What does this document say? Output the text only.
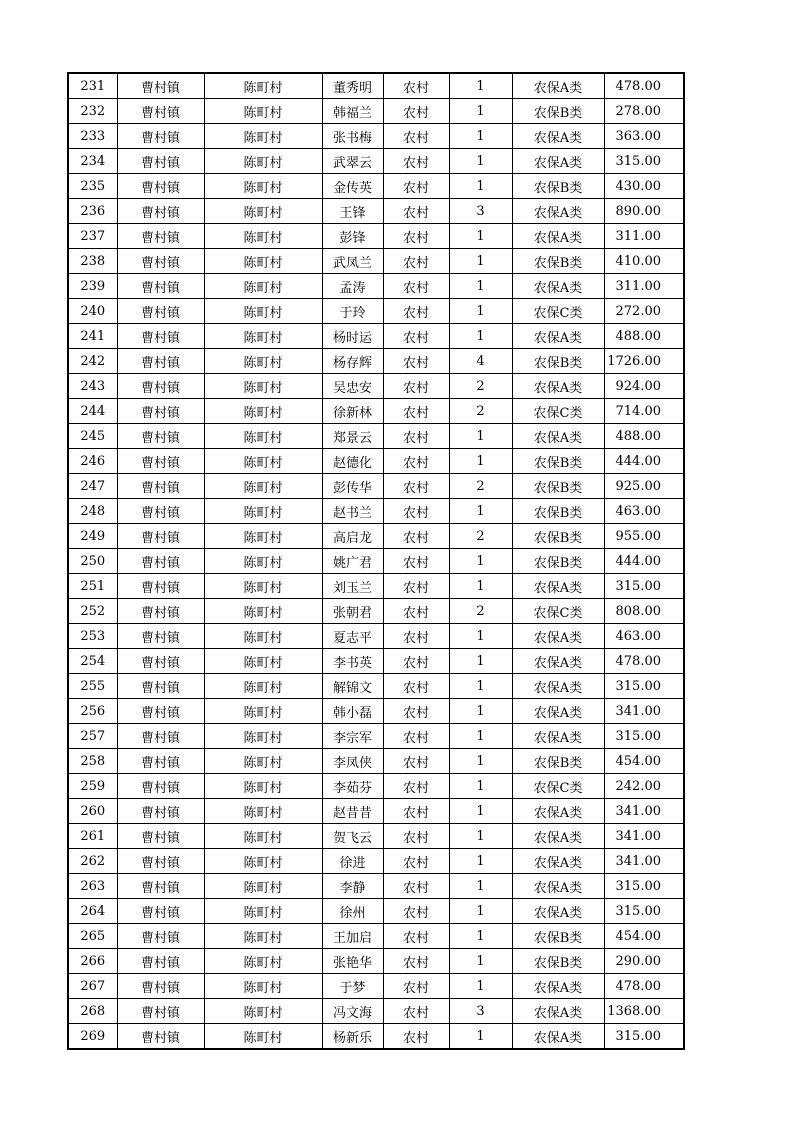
231	曹村镇	陈町村	董秀明	农村	1	农保A类	478.00
232	曹村镇	陈町村	韩福兰	农村	1	农保B类	278.00
233	曹村镇	陈町村	张书梅	农村	1	农保A类	363.00
234	曹村镇	陈町村	武翠云	农村	1	农保A类	315.00
235	曹村镇	陈町村	金传英	农村	1	农保B类	430.00
236	曹村镇	陈町村	王锋	农村	3	农保A类	890.00
237	曹村镇	陈町村	彭锋	农村	1	农保A类	311.00
238	曹村镇	陈町村	武凤兰	农村	1	农保B类	410.00
239	曹村镇	陈町村	孟涛	农村	1	农保A类	311.00
240	曹村镇	陈町村	于玲	农村	1	农保C类	272.00
241	曹村镇	陈町村	杨时运	农村	1	农保A类	488.00
242	曹村镇	陈町村	杨存辉	农村	4	农保B类	1726.00
243	曹村镇	陈町村	吴忠安	农村	2	农保A类	924.00
244	曹村镇	陈町村	徐新林	农村	2	农保C类	714.00
245	曹村镇	陈町村	郑景云	农村	1	农保A类	488.00
246	曹村镇	陈町村	赵德化	农村	1	农保B类	444.00
247	曹村镇	陈町村	彭传华	农村	2	农保B类	925.00
248	曹村镇	陈町村	赵书兰	农村	1	农保B类	463.00
249	曹村镇	陈町村	高启龙	农村	2	农保B类	955.00
250	曹村镇	陈町村	姚广君	农村	1	农保B类	444.00
251	曹村镇	陈町村	刘玉兰	农村	1	农保A类	315.00
252	曹村镇	陈町村	张朝君	农村	2	农保C类	808.00
253	曹村镇	陈町村	夏志平	农村	1	农保A类	463.00
254	曹村镇	陈町村	李书英	农村	1	农保A类	478.00
255	曹村镇	陈町村	解锦文	农村	1	农保A类	315.00
256	曹村镇	陈町村	韩小磊	农村	1	农保A类	341.00
257	曹村镇	陈町村	李宗军	农村	1	农保A类	315.00
258	曹村镇	陈町村	李凤侠	农村	1	农保B类	454.00
259	曹村镇	陈町村	李茹芬	农村	1	农保C类	242.00
260	曹村镇	陈町村	赵昔昔	农村	1	农保A类	341.00
261	曹村镇	陈町村	贺飞云	农村	1	农保A类	341.00
262	曹村镇	陈町村	徐进	农村	1	农保A类	341.00
263	曹村镇	陈町村	李静	农村	1	农保A类	315.00
264	曹村镇	陈町村	徐州	农村	1	农保A类	315.00
265	曹村镇	陈町村	王加启	农村	1	农保B类	454.00
266	曹村镇	陈町村	张艳华	农村	1	农保B类	290.00
267	曹村镇	陈町村	于梦	农村	1	农保A类	478.00
268	曹村镇	陈町村	冯文海	农村	3	农保A类	1368.00
269	曹村镇	陈町村	杨新乐	农村	1	农保A类	315.00
